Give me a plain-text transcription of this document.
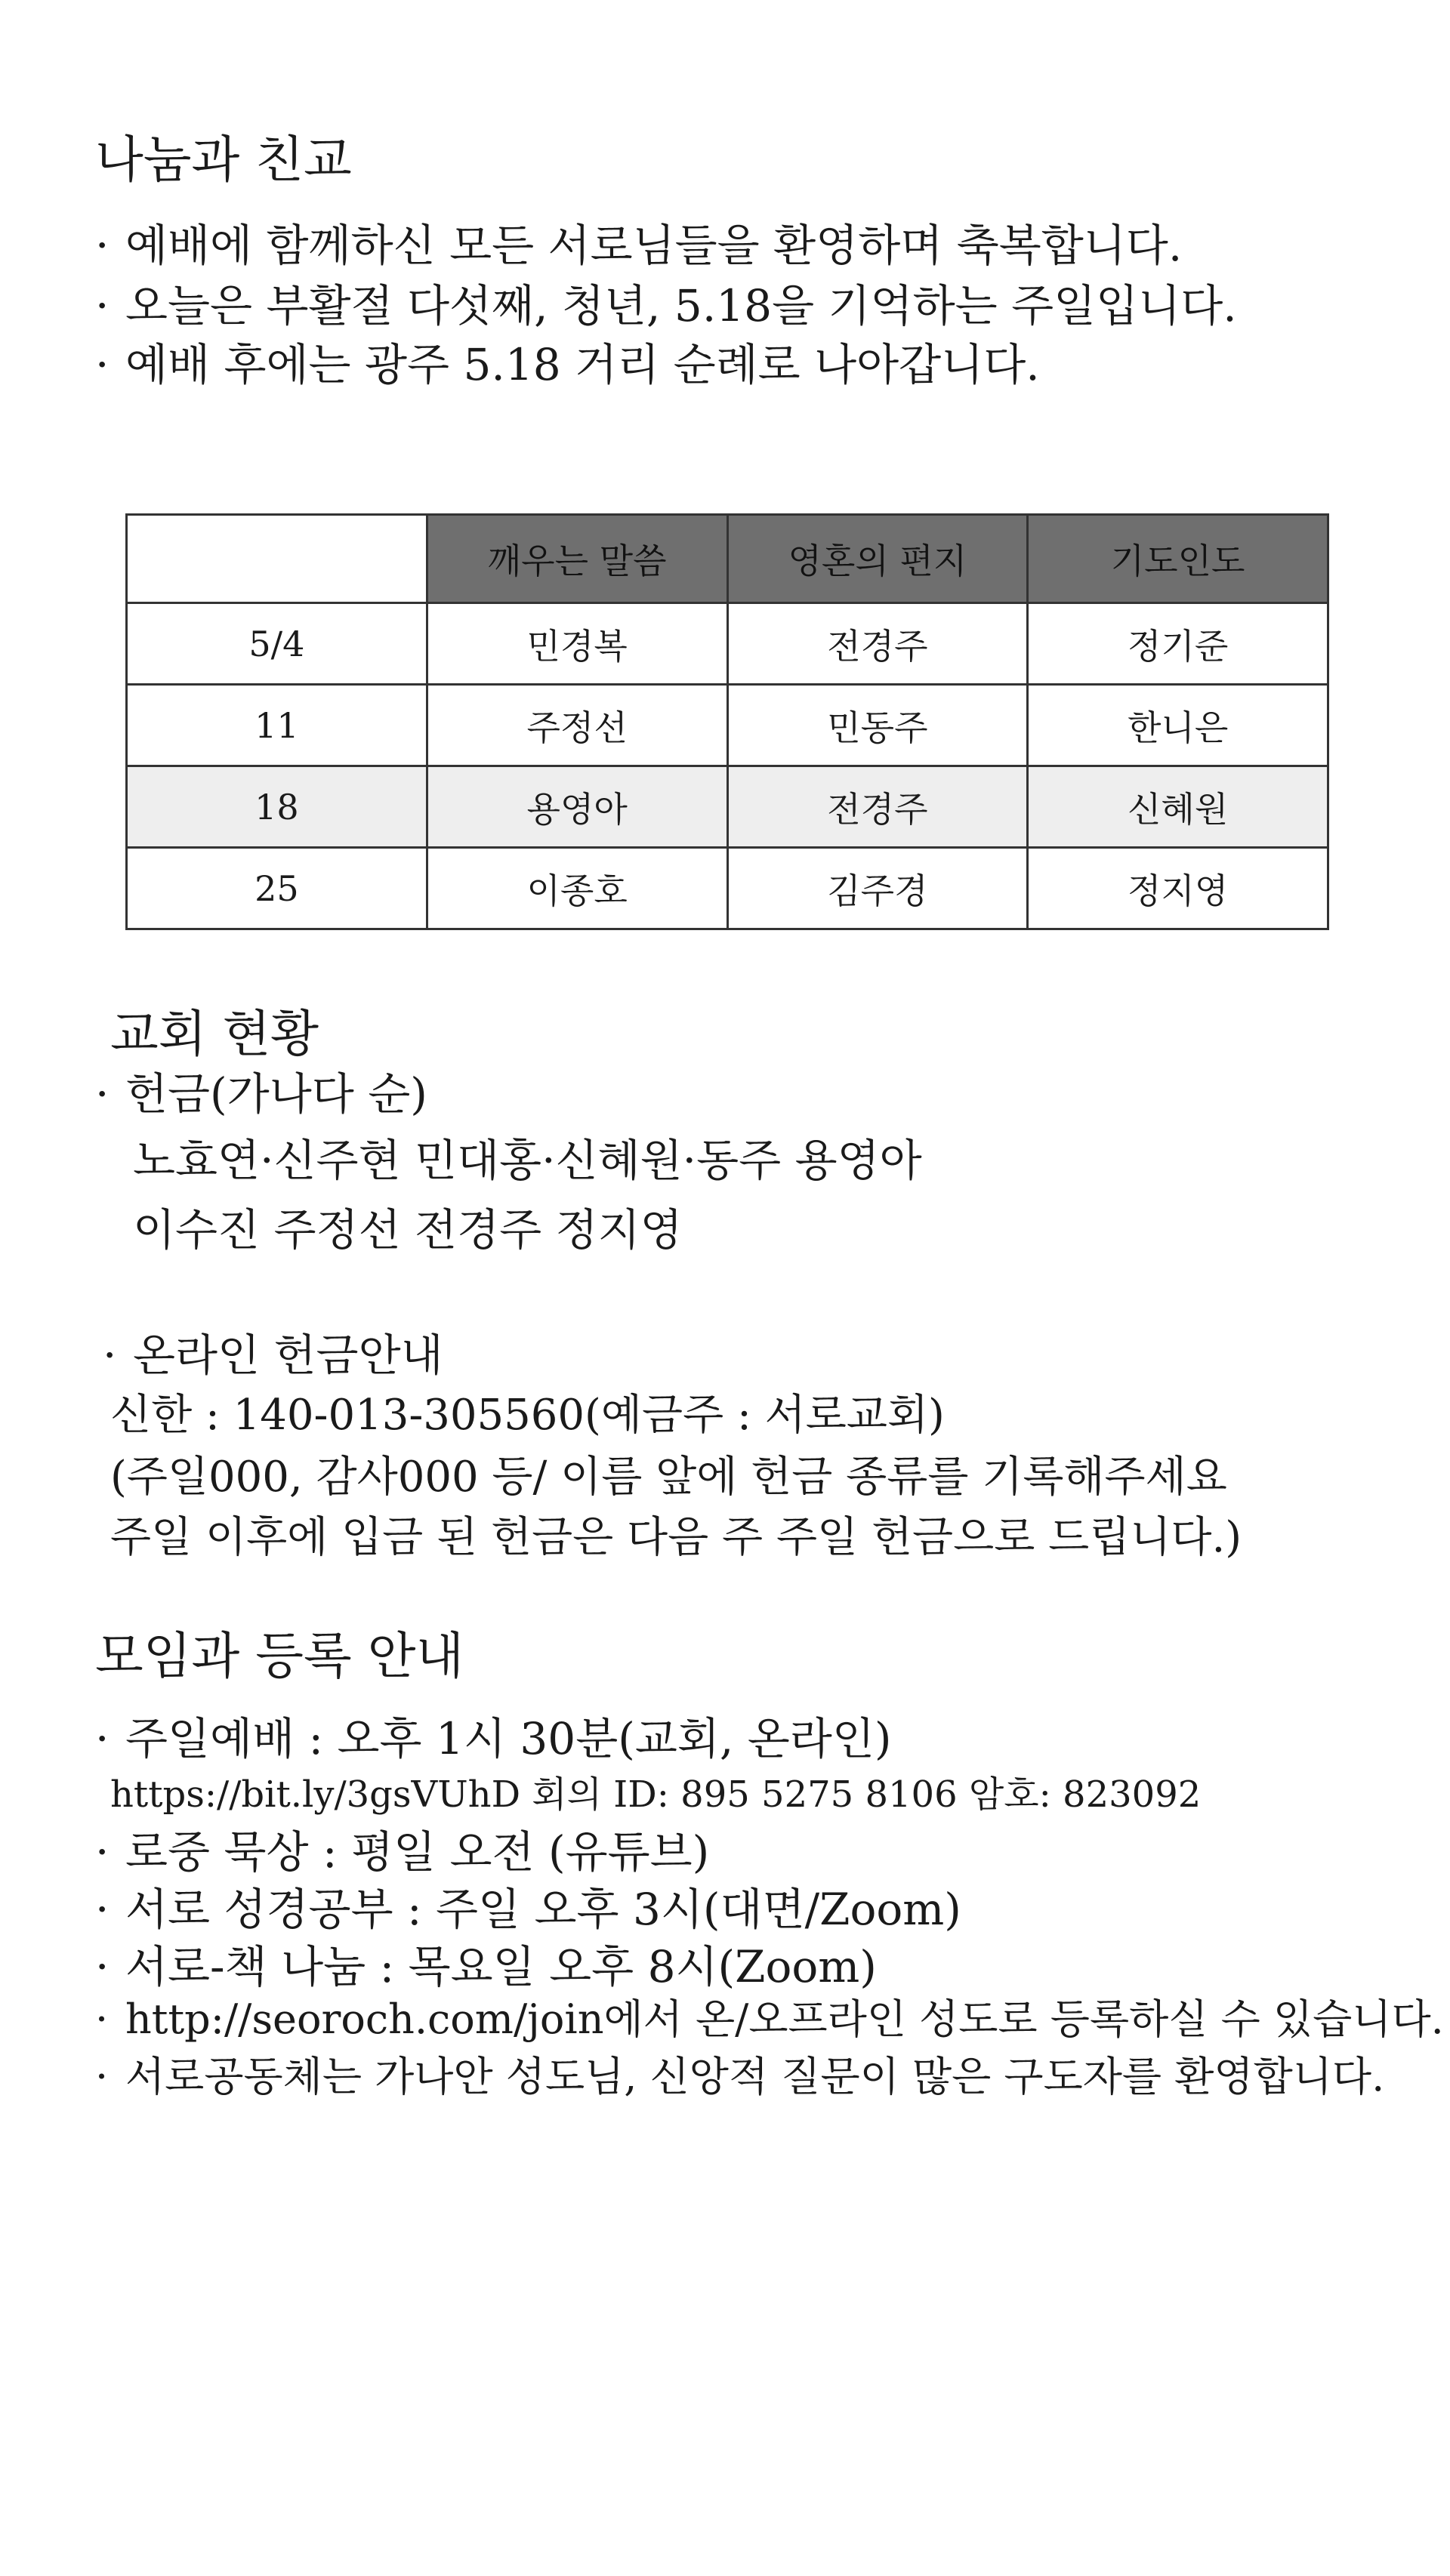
나눔과 친교
· 예배에 함께하신 모든 서로님들을 환영하며 축복합니다.
· 오늘은 부활절 다섯째, 청년, 5.18을 기억하는 주일입니다.
· 예배 후에는 광주 5.18 거리 순례로 나아갑니다.
	깨우는 말씀	영혼의 편지	기도인도
5/4	민경복	전경주	정기준
11	주정선	민동주	한니은
18	용영아	전경주	신혜원
25	이종호	김주경	정지영
교회 현황
· 헌금(가나다 순)
노효연·신주현 민대홍·신혜원·동주 용영아
이수진 주정선 전경주 정지영
· 온라인 헌금안내
신한 : 140-013-305560(예금주 : 서로교회)
(주일000, 감사000 등/ 이름 앞에 헌금 종류를 기록해주세요
주일 이후에 입금 된 헌금은 다음 주 주일 헌금으로 드립니다.)
모임과 등록 안내
· 주일예배 : 오후 1시 30분(교회, 온라인)
https://bit.ly/3gsVUhD 회의 ID: 895 5275 8106 암호: 823092
· 로중 묵상 : 평일 오전 (유튜브)
· 서로 성경공부 : 주일 오후 3시(대면/Zoom)
· 서로-책 나눔 : 목요일 오후 8시(Zoom)
· http://seoroch.com/join에서 온/오프라인 성도로 등록하실 수 있습니다.
· 서로공동체는 가나안 성도님, 신앙적 질문이 많은 구도자를 환영합니다.
